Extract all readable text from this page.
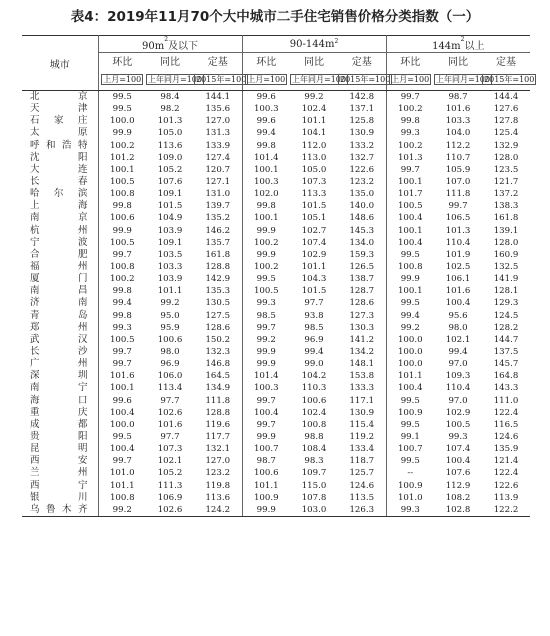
表4：2019年11月70个大中城市二手住宅销售价格分类指数（一）
城市	$90m^2$及以下			$90-144m^2$			$144m^2$以上		
	环比	同比	定基	环比	同比	定基	环比	同比	定基
	上月=100	上年同月=100	2015年=100	上月=100	上年同月=100	2015年=100	上月=100	上年同月=100	2015年=100
北京	99.5	98.4	144.1	99.6	99.2	142.8	99.7	98.7	144.4
天津	99.5	98.2	135.6	100.3	102.4	137.1	100.2	101.6	127.6
石家庄	100.0	101.3	127.0	99.6	101.1	125.8	99.8	103.3	127.8
太原	99.9	105.0	131.3	99.4	104.1	130.9	99.3	104.0	125.4
呼和浩特	100.2	113.6	133.9	99.8	112.0	133.2	100.2	112.2	132.9
沈阳	101.2	109.0	127.4	101.4	113.0	132.7	101.3	110.7	128.0
大连	100.1	105.2	120.7	100.1	105.0	122.6	99.7	105.9	123.5
长春	100.5	107.6	127.1	100.3	107.3	123.2	100.1	107.0	121.7
哈尔滨	100.8	109.1	131.0	102.0	113.3	135.0	101.7	111.8	137.2
上海	99.8	101.5	139.7	99.8	101.5	140.0	100.5	99.7	138.3
南京	100.6	104.9	135.2	100.1	105.1	148.6	100.4	106.5	161.8
杭州	99.9	103.9	146.2	99.9	102.7	145.3	100.1	101.3	139.1
宁波	100.5	109.1	135.7	100.2	107.4	134.0	100.4	110.4	128.0
合肥	99.7	103.5	161.8	99.9	102.9	159.3	99.5	101.9	160.9
福州	100.8	103.3	128.8	100.2	101.1	126.5	100.8	102.5	132.5
厦门	100.2	103.9	142.9	99.5	104.3	138.7	99.9	106.1	141.9
南昌	99.8	101.1	135.3	100.5	101.5	128.7	100.1	101.6	128.1
济南	99.4	99.2	130.5	99.3	97.7	128.6	99.5	100.4	129.3
青岛	99.8	95.0	127.5	98.5	93.8	127.3	99.4	95.6	124.5
郑州	99.3	95.9	128.6	99.7	98.5	130.3	99.2	98.0	128.2
武汉	100.5	100.6	150.2	99.2	96.9	141.2	100.0	102.1	144.7
长沙	99.7	98.0	132.3	99.9	99.4	134.2	100.0	99.4	137.5
广州	99.7	96.9	146.8	99.9	99.0	148.1	100.0	97.0	145.7
深圳	101.6	106.0	164.5	101.4	104.2	153.8	101.1	109.3	164.8
南宁	100.1	113.4	134.9	100.3	110.3	133.3	100.4	110.4	143.3
海口	99.6	97.7	111.8	99.7	100.6	117.1	99.5	97.0	111.0
重庆	100.4	102.6	128.8	100.4	102.4	130.9	100.9	102.9	122.4
成都	100.0	101.6	119.6	99.7	100.8	115.4	99.5	100.5	116.5
贵阳	99.5	97.7	117.7	99.9	98.8	119.2	99.1	99.3	124.6
昆明	100.4	107.3	132.1	100.7	108.4	133.4	100.7	107.4	135.9
西安	99.7	102.1	127.0	98.7	98.3	118.7	99.5	100.4	121.4
兰州	101.0	105.2	123.2	100.6	109.7	125.7	--	107.6	122.4
西宁	101.1	111.3	119.8	101.1	115.0	124.6	100.9	112.9	122.6
银川	100.8	106.9	113.6	100.9	107.8	113.5	101.0	108.2	113.9
乌鲁木齐	99.2	102.6	124.2	99.9	103.0	126.3	99.3	102.8	122.2
